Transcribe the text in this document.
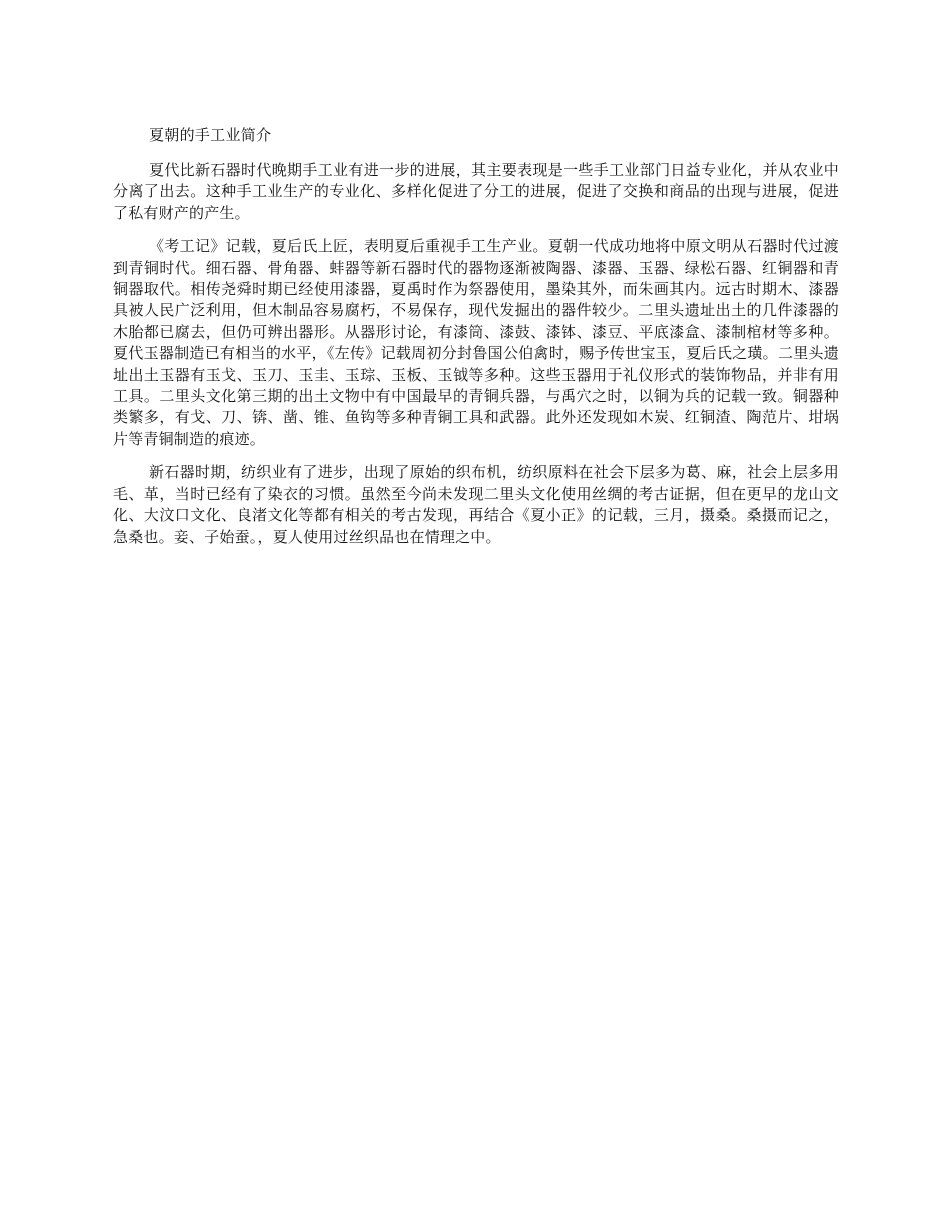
夏朝的手工业简介

夏代比新石器时代晚期手工业有进一步的进展，其主要表现是一些手工业部门日益专业化，并从农业中分离了出去。这种手工业生产的专业化、多样化促进了分工的进展，促进了交换和商品的出现与进展，促进了私有财产的产生。

《考工记》记载，夏后氏上匠，表明夏后重视手工生产业。夏朝一代成功地将中原文明从石器时代过渡到青铜时代。细石器、骨角器、蚌器等新石器时代的器物逐渐被陶器、漆器、玉器、绿松石器、红铜器和青铜器取代。相传尧舜时期已经使用漆器，夏禹时作为祭器使用，墨染其外，而朱画其内。远古时期木、漆器具被人民广泛利用，但木制品容易腐朽，不易保存，现代发掘出的器件较少。二里头遗址出土的几件漆器的木胎都已腐去，但仍可辨出器形。从器形讨论，有漆筒、漆鼓、漆钵、漆豆、平底漆盒、漆制棺材等多种。夏代玉器制造已有相当的水平，《左传》记载周初分封鲁国公伯禽时，赐予传世宝玉，夏后氏之璜。二里头遗址出土玉器有玉戈、玉刀、玉圭、玉琮、玉板、玉钺等多种。这些玉器用于礼仪形式的装饰物品，并非有用工具。二里头文化第三期的出土文物中有中国最早的青铜兵器，与禹穴之时，以铜为兵的记载一致。铜器种类繁多，有戈、刀、锛、凿、锥、鱼钩等多种青铜工具和武器。此外还发现如木炭、红铜渣、陶范片、坩埚片等青铜制造的痕迹。

新石器时期，纺织业有了进步，出现了原始的织布机，纺织原料在社会下层多为葛、麻，社会上层多用毛、革，当时已经有了染衣的习惯。虽然至今尚未发现二里头文化使用丝绸的考古证据，但在更早的龙山文化、大汶口文化、良渚文化等都有相关的考古发现，再结合《夏小正》的记载，三月，摄桑。桑摄而记之，急桑也。妾、子始蚕。，夏人使用过丝织品也在情理之中。
